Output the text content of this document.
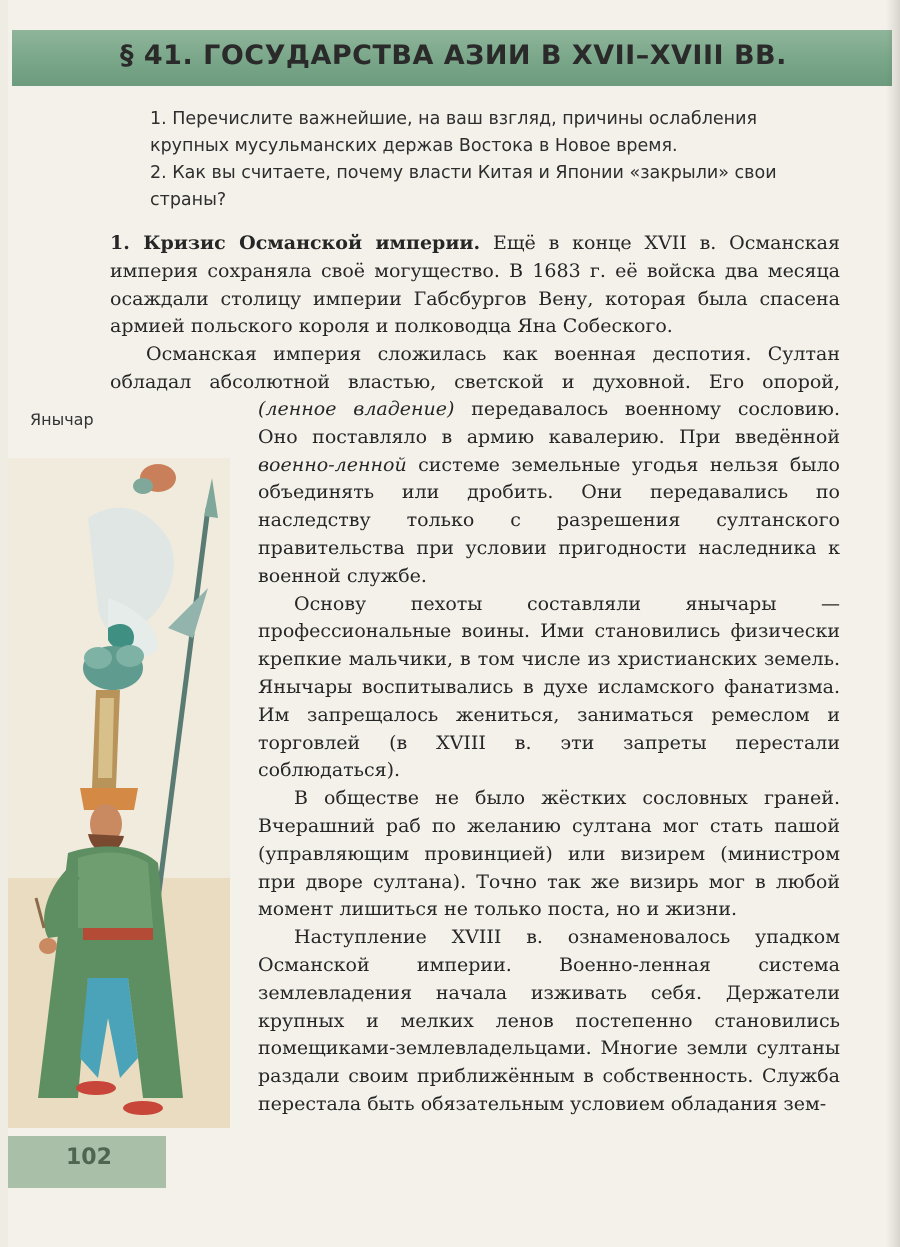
§ 41. ГОСУДАРСТВА АЗИИ В XVII–XVIII ВВ.

1. Перечислите важнейшие, на ваш взгляд, причины ослабления крупных мусульманских держав Востока в Новое время.

2. Как вы считаете, почему власти Китая и Японии «закрыли» свои страны?

Янычар

1. Кризис Османской империи. Ещё в конце XVII в. Османская империя сохраняла своё могущество. В 1683 г. её войска два месяца осаждали столицу империи Габсбургов Вену, которая была спасена армией польского короля и полководца Яна Собеского.

Османская империя сложилась как военная деспотия. Султан обладал абсолютной властью, светской и духовной. Его опорой,

(ленное владение) передавалось военному сословию. Оно поставляло в армию кавалерию. При введённой военно-ленной системе земельные угодья нельзя было объединять или дробить. Они передавались по наследству только с разрешения султанского правительства при условии пригодности наследника к военной службе.

Основу пехоты составляли янычары — профессиональные воины. Ими становились физически крепкие мальчики, в том числе из христианских земель. Янычары воспитывались в духе исламского фанатизма. Им запрещалось жениться, заниматься ремеслом и торговлей (в XVIII в. эти запреты перестали соблюдаться).

В обществе не было жёстких сословных граней. Вчерашний раб по желанию султана мог стать пашой (управляющим провинцией) или визирем (министром при дворе султана). Точно так же визирь мог в любой момент лишиться не только поста, но и жизни.

Наступление XVIII в. ознаменовалось упадком Османской империи. Военно-ленная система землевладения начала изживать себя. Держатели крупных и мелких ленов постепенно становились помещиками-землевладельцами. Многие земли султаны раздали своим приближённым в собственность. Служба перестала быть обязательным условием обладания зем-

102
